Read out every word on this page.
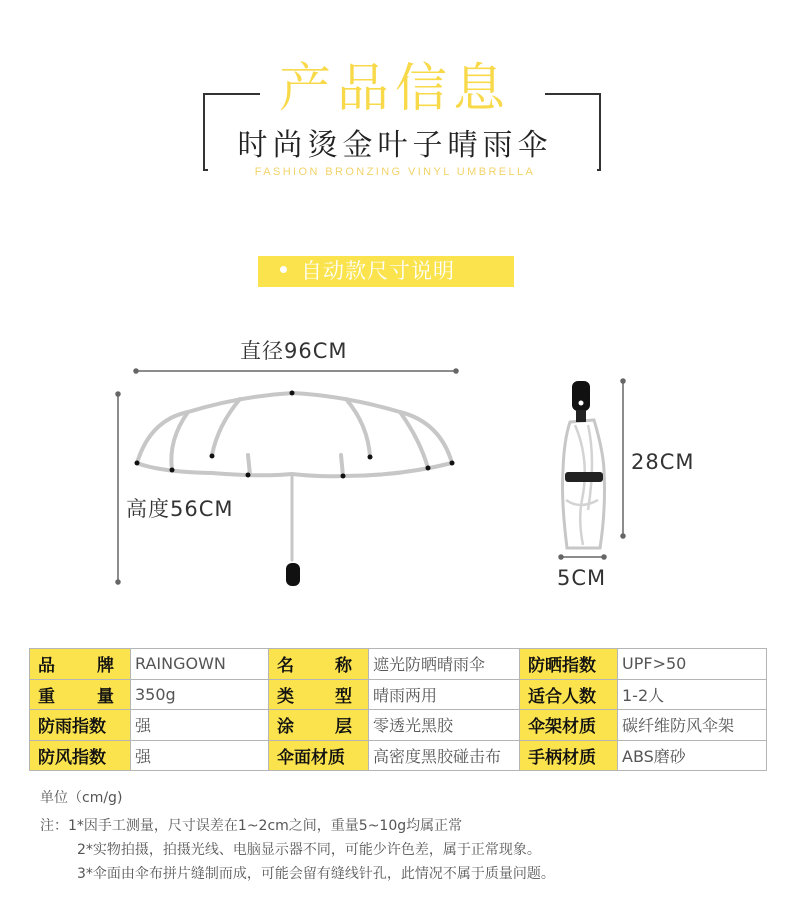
产品信息
时尚烫金叶子晴雨伞
FASHION BRONZING VINYL UMBRELLA
自动款尺寸说明
直径96CM
高度56CM
28CM
5CM
品牌	RAINGOWN	名称	遮光防晒晴雨伞	防晒指数	UPF>50

重量	350g	类型	晴雨两用	适合人数	1-2人

防雨指数	强	涂层	零透光黑胶	伞架材质	碳纤维防风伞架

防风指数	强	伞面材质	高密度黑胶碰击布	手柄材质	ABS磨砂
单位（cm/g)
注：1*因手工测量，尺寸误差在1~2cm之间，重量5~10g均属正常
2*实物拍摄，拍摄光线、电脑显示器不同，可能少许色差，属于正常现象。
3*伞面由伞布拼片缝制而成，可能会留有缝线针孔，此情况不属于质量问题。
